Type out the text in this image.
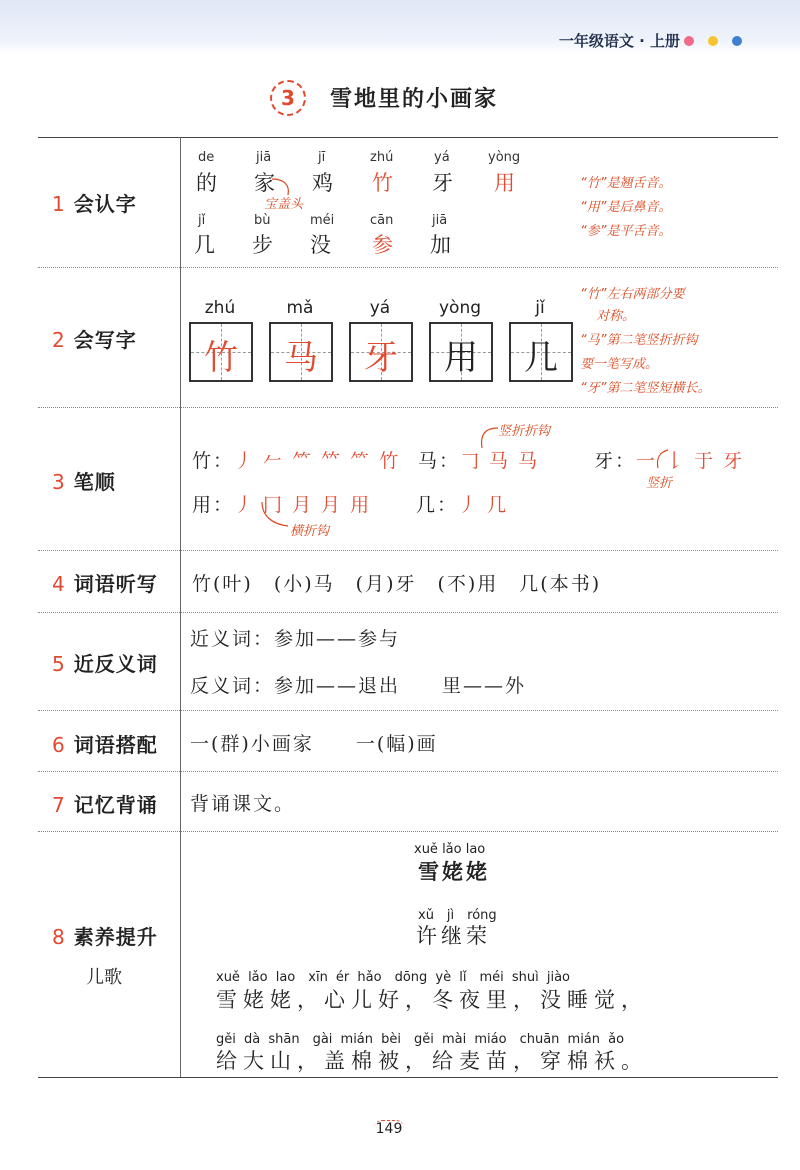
一年级语文 · 上册
3	雪地里的小画家
1 会认字
de
的
jiā
家
jī
鸡
zhú
竹
yá
牙
yòng
用
宝盖头
jǐ
几
bù
步
méi
没
cān
参
jiā
加
“竹”是翘舌音。
“用”是后鼻音。
“参”是平舌音。
2 会写字
zhú
竹
mǎ
马
yá
牙
yòng
用
jǐ
几
“竹”左右两部分要
对称。
“马”第二笔竖折折钩
要一笔写成。
“牙”第二笔竖短横长。
3 笔顺
竹：丿 𠂉 ⺮ 𥫗 ⺮ 竹 马：𠃌 马 马	牙：一 𠄌 于 牙
竖折折钩
竖折
用：丿 冂 月 月 用 几：丿 几
横折钩
4 词语听写 竹(叶)　(小)马　(月)牙　(不)用　几(本书)
5 近反义词
近义词：参加——参与
反义词：参加——退出　　里——外
6 词语搭配 一(群)小画家　　一(幅)画
7 记忆背诵 背诵课文。
8 素养提升
儿歌
xuě lǎo lao
雪姥姥
xǔ　jì　róng
许继荣
xuě lǎo lao　xīn ér hǎo　dōng yè lǐ　méi shuì jiào
雪姥姥，心儿好，冬夜里，没睡觉，
gěi dà shān　gài mián bèi　gěi mài miáo　chuān mián ǎo
给大山，盖棉被，给麦苗，穿棉袄。
149
